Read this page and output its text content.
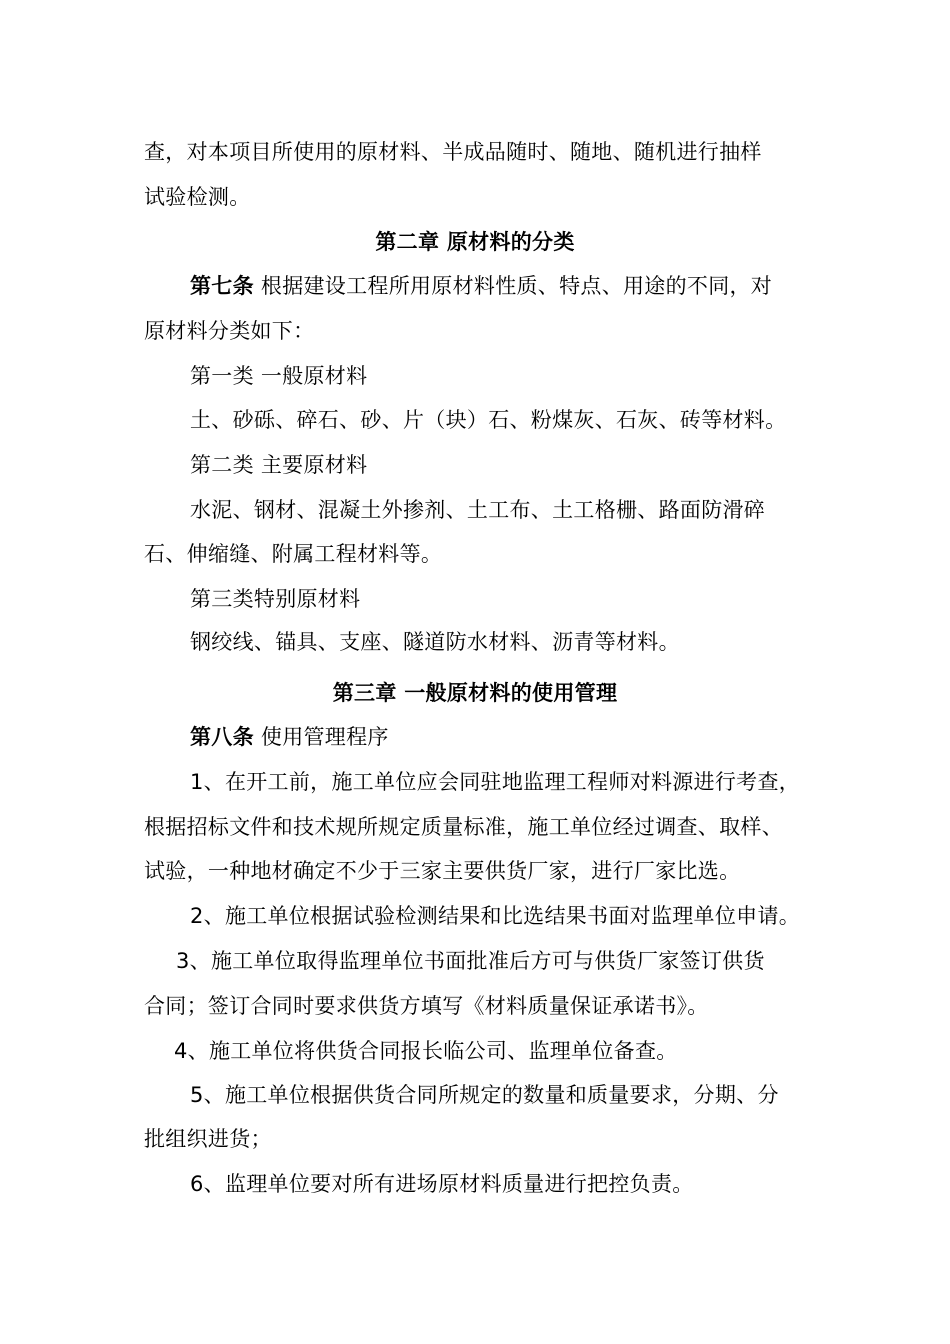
查，对本项目所使用的原材料、半成品随时、随地、随机进行抽样
试验检测。
第二章 原材料的分类
第七条 根据建设工程所用原材料性质、特点、用途的不同，对
原材料分类如下：
第一类 一般原材料
土、砂砾、碎石、砂、片（块）石、粉煤灰、石灰、砖等材料。
第二类 主要原材料
水泥、钢材、混凝土外掺剂、土工布、土工格栅、路面防滑碎
石、伸缩缝、附属工程材料等。
第三类特别原材料
钢绞线、锚具、支座、隧道防水材料、沥青等材料。
第三章 一般原材料的使用管理
第八条 使用管理程序
1、在开工前，施工单位应会同驻地监理工程师对料源进行考查，
根据招标文件和技术规所规定质量标准，施工单位经过调查、取样、
试验，一种地材确定不少于三家主要供货厂家，进行厂家比选。
2、施工单位根据试验检测结果和比选结果书面对监理单位申请。
3、施工单位取得监理单位书面批准后方可与供货厂家签订供货
合同；签订合同时要求供货方填写《材料质量保证承诺书》。
4、施工单位将供货合同报长临公司、监理单位备查。
5、施工单位根据供货合同所规定的数量和质量要求，分期、分
批组织进货；
6、监理单位要对所有进场原材料质量进行把控负责。
